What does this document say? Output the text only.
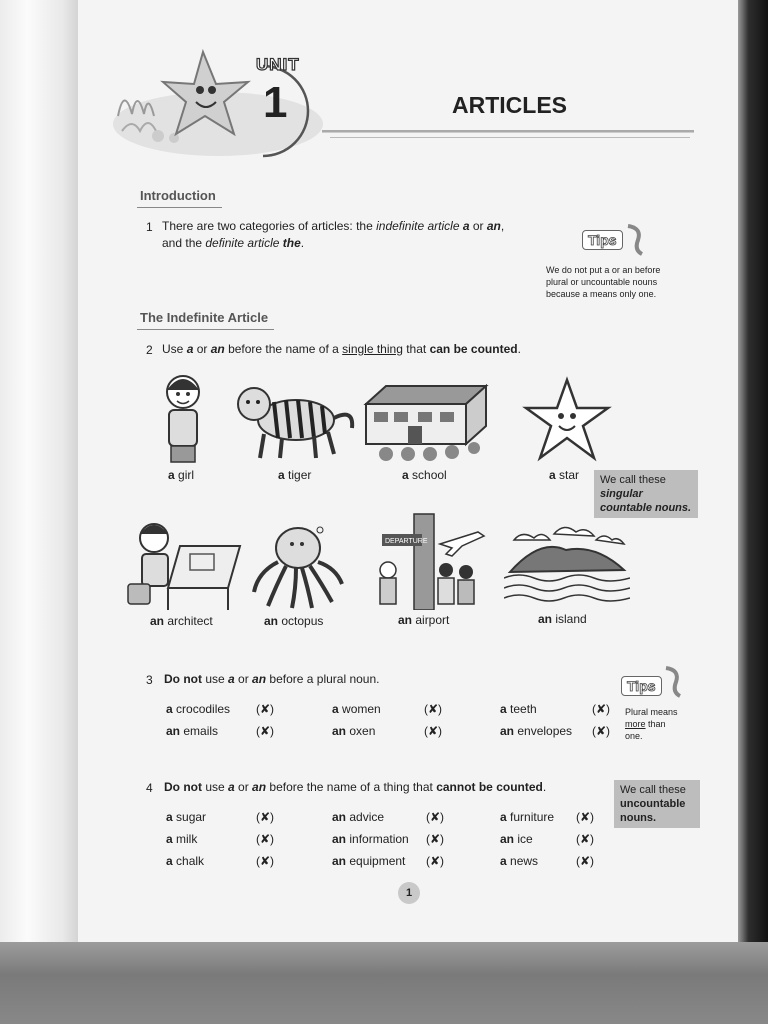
UNIT
1	ARTICLES
Introduction
1 There are two categories of articles: the indefinite article a or an,
and the definite article the.	Tips
We do not put a or an before
plural or uncountable nouns
because a means only one.
The Indefinite Article
2 Use a or an before the name of a single thing that can be counted.
a girl	a tiger	a school	a star We call these
singular
countable nouns.
DEPARTURE
an architect	an octopus	an airport	an island
3 Do not use a or an before a plural noun.
a crocodiles (✘)	a women	(✘)	a teeth	(✘)
an emails	(✘)	an oxen	(✘)	an envelopes (✘)
Tips
Plural means
more than
one.
4 Do not use a or an before the name of a thing that cannot be counted.	We call these
uncountable
nouns.
a sugar	(✘)	an advice	(✘)	a furniture (✘)
a milk	(✘)	an information (✘)	an ice	(✘)
a chalk	(✘)	an equipment (✘)	a news	(✘)
1
